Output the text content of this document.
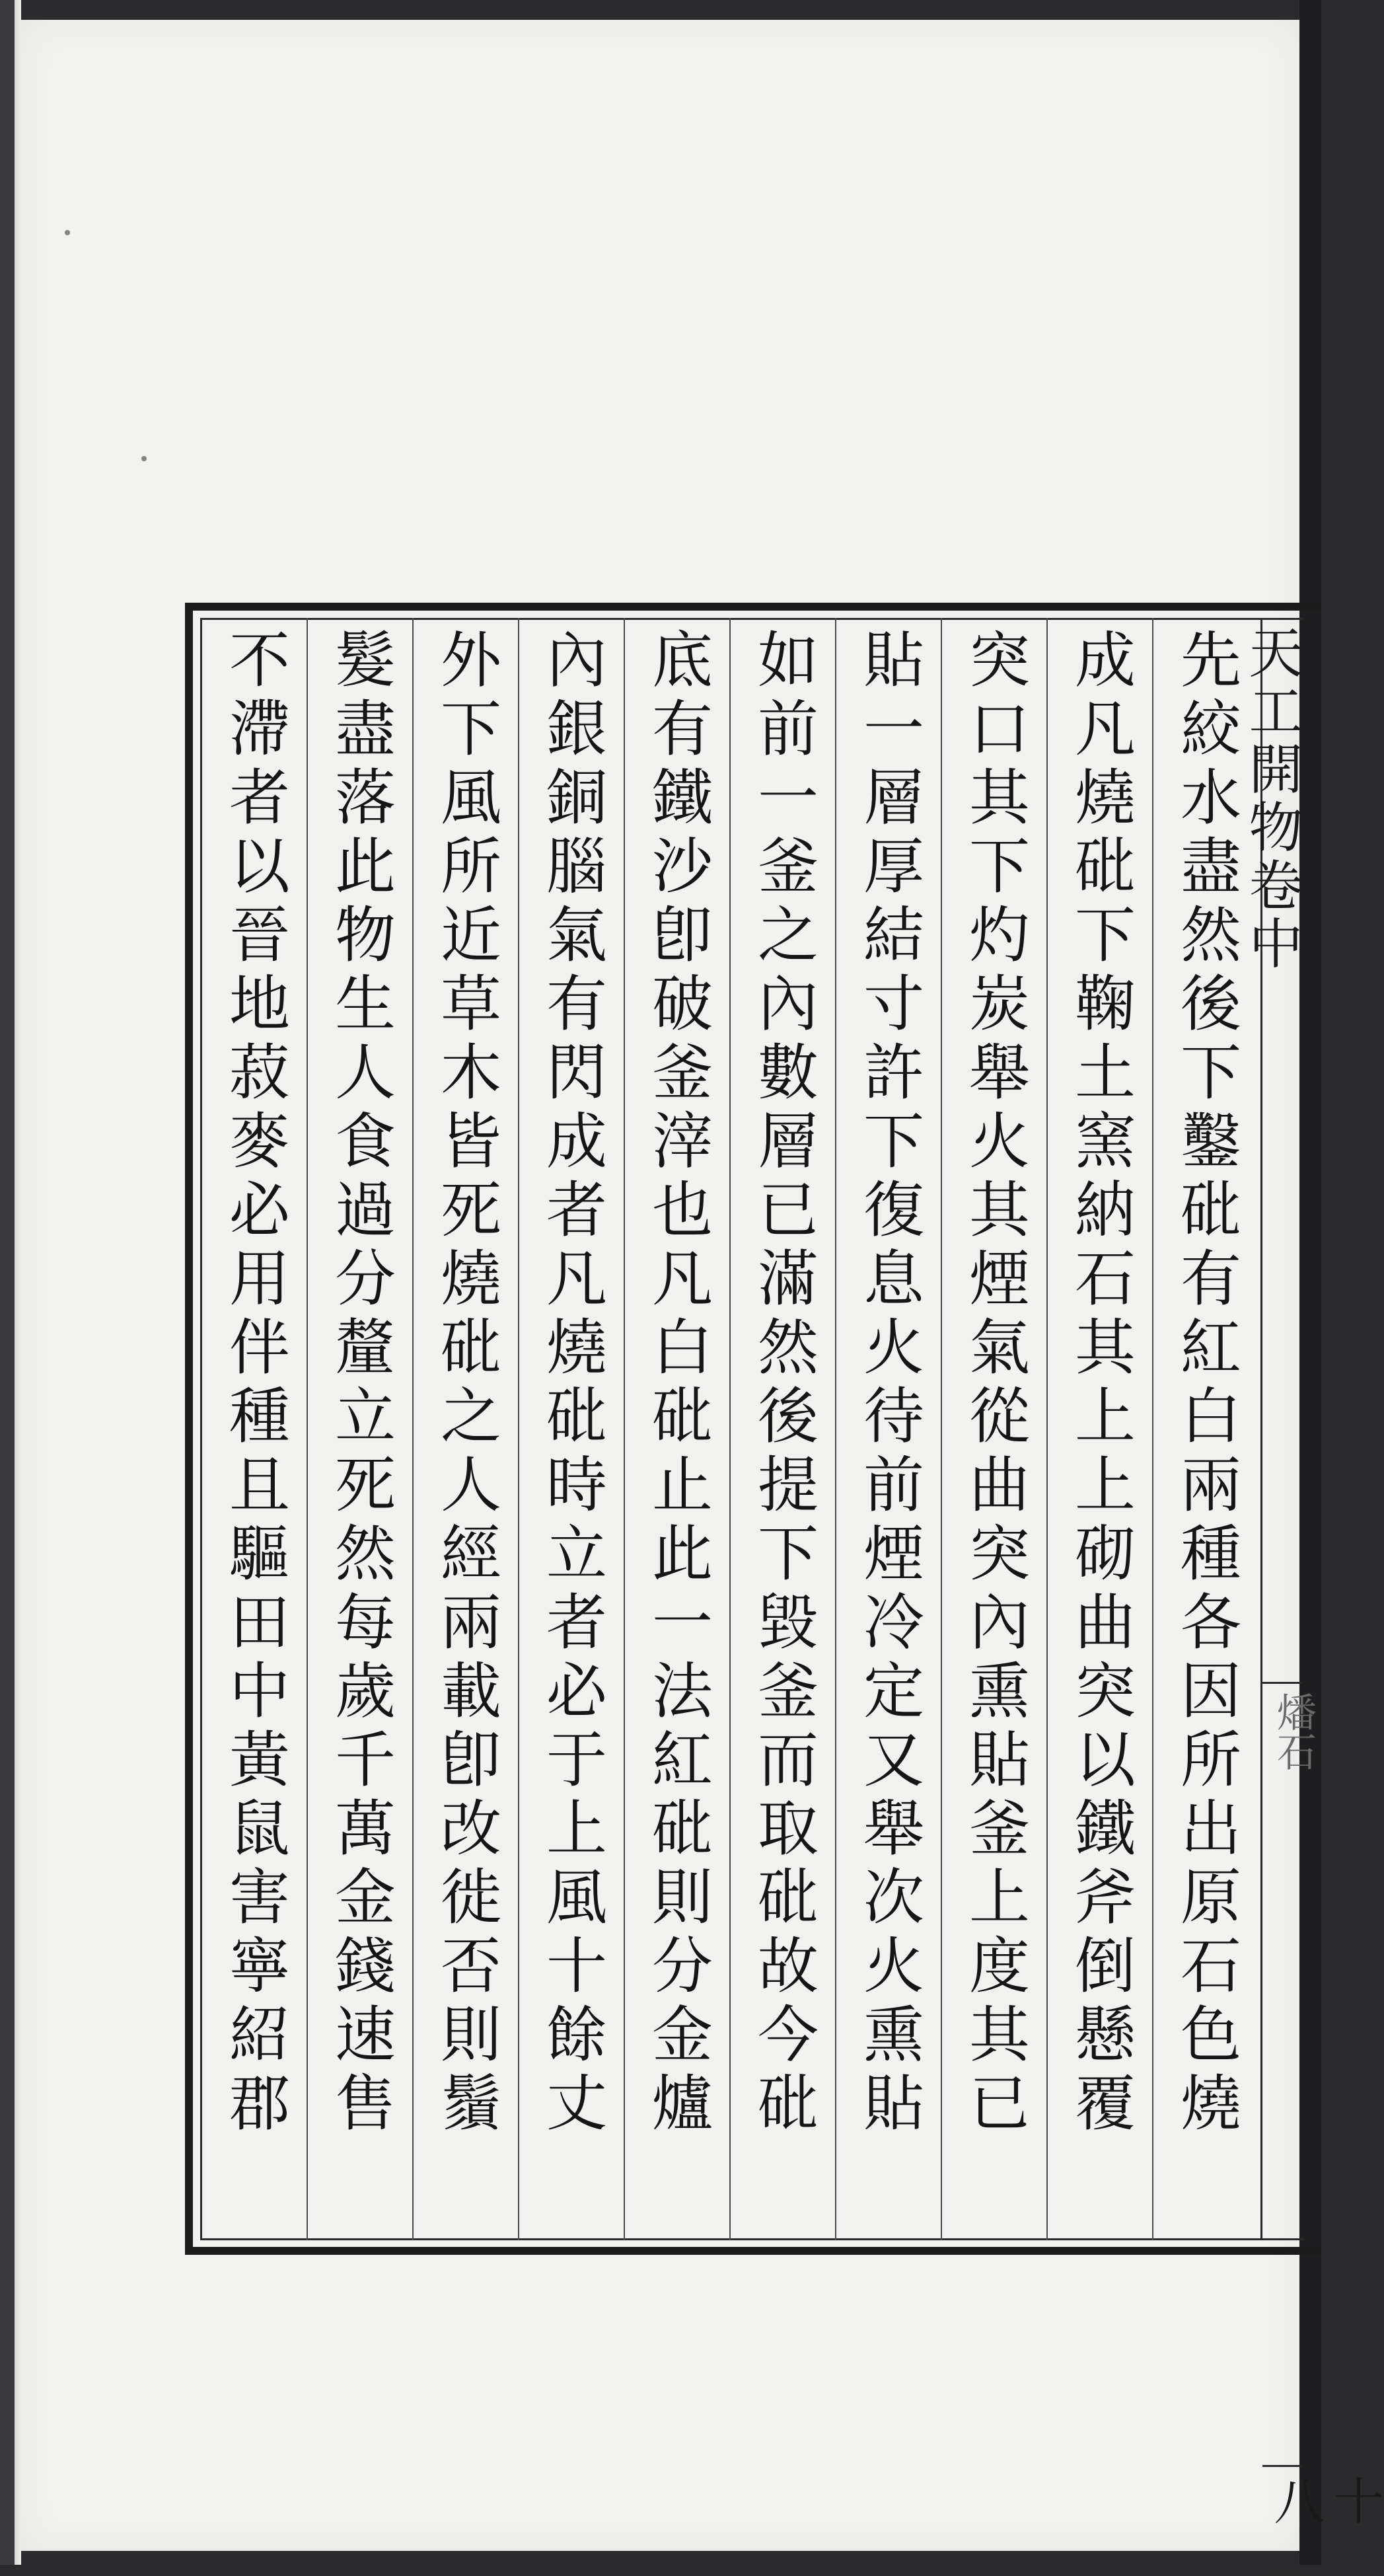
天工開物卷中
燔石
十八
先絞水盡然後下鑿砒有紅白兩種各因所出原石色燒
成凡燒砒下鞠土窯納石其上上砌曲突以鐵斧倒懸覆
突口其下灼炭舉火其煙氣從曲突內熏貼釜上度其已
貼一層厚結寸許下復息火待前煙冷定又舉次火熏貼
如前一釜之內數層已滿然後提下毀釜而取砒故今砒
底有鐵沙卽破釜滓也凡白砒止此一法紅砒則分金爐
內銀銅腦氣有閃成者凡燒砒時立者必于上風十餘丈
外下風所近草木皆死燒砒之人經兩載卽改徙否則鬚
髮盡落此物生人食過分釐立死然每歲千萬金錢速售
不滯者以晉地菽麥必用伴種且驅田中黃鼠害寧紹郡
